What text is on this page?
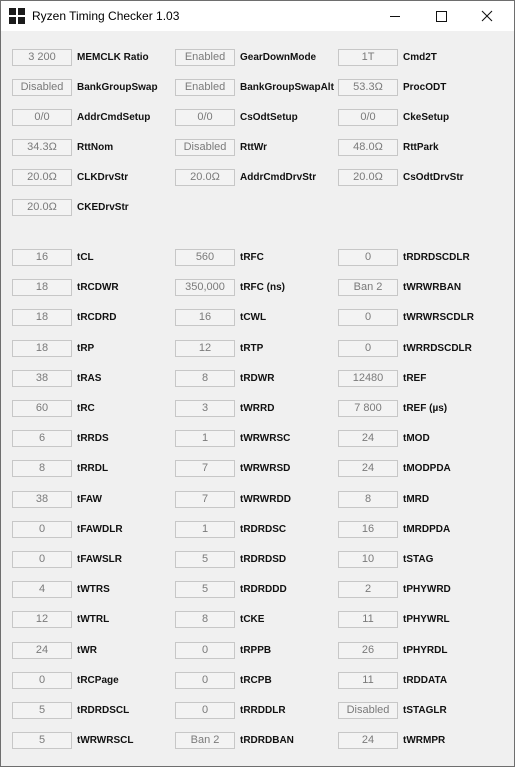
Ryzen Timing Checker 1.03
3 200	MEMCLK Ratio	Enabled	GearDownMode	1T	Cmd2T
Disabled	BankGroupSwap	Enabled	BankGroupSwapAlt	53.3Ω	ProcODT
0/0	AddrCmdSetup	0/0	CsOdtSetup	0/0	CkeSetup
34.3Ω	RttNom	Disabled	RttWr	48.0Ω	RttPark
20.0Ω	CLKDrvStr	20.0Ω	AddrCmdDrvStr	20.0Ω	CsOdtDrvStr
20.0Ω	CKEDrvStr
16	tCL	560	tRFC	0	tRDRDSCDLR
18	tRCDWR	350,000	tRFC (ns)	Ban 2	tWRWRBAN
18	tRCDRD	16	tCWL	0	tWRWRSCDLR
18	tRP	12	tRTP	0	tWRRDSCDLR
38	tRAS	8	tRDWR	12480	tREF
60	tRC	3	tWRRD	7 800	tREF (µs)
6	tRRDS	1	tWRWRSC	24	tMOD
8	tRRDL	7	tWRWRSD	24	tMODPDA
38	tFAW	7	tWRWRDD	8	tMRD
0	tFAWDLR	1	tRDRDSC	16	tMRDPDA
0	tFAWSLR	5	tRDRDSD	10	tSTAG
4	tWTRS	5	tRDRDDD	2	tPHYWRD
12	tWTRL	8	tCKE	11	tPHYWRL
24	tWR	0	tRPPB	26	tPHYRDL
0	tRCPage	0	tRCPB	11	tRDDATA
5	tRDRDSCL	0	tRRDDLR	Disabled	tSTAGLR
5	tWRWRSCL	Ban 2	tRDRDBAN	24	tWRMPR
